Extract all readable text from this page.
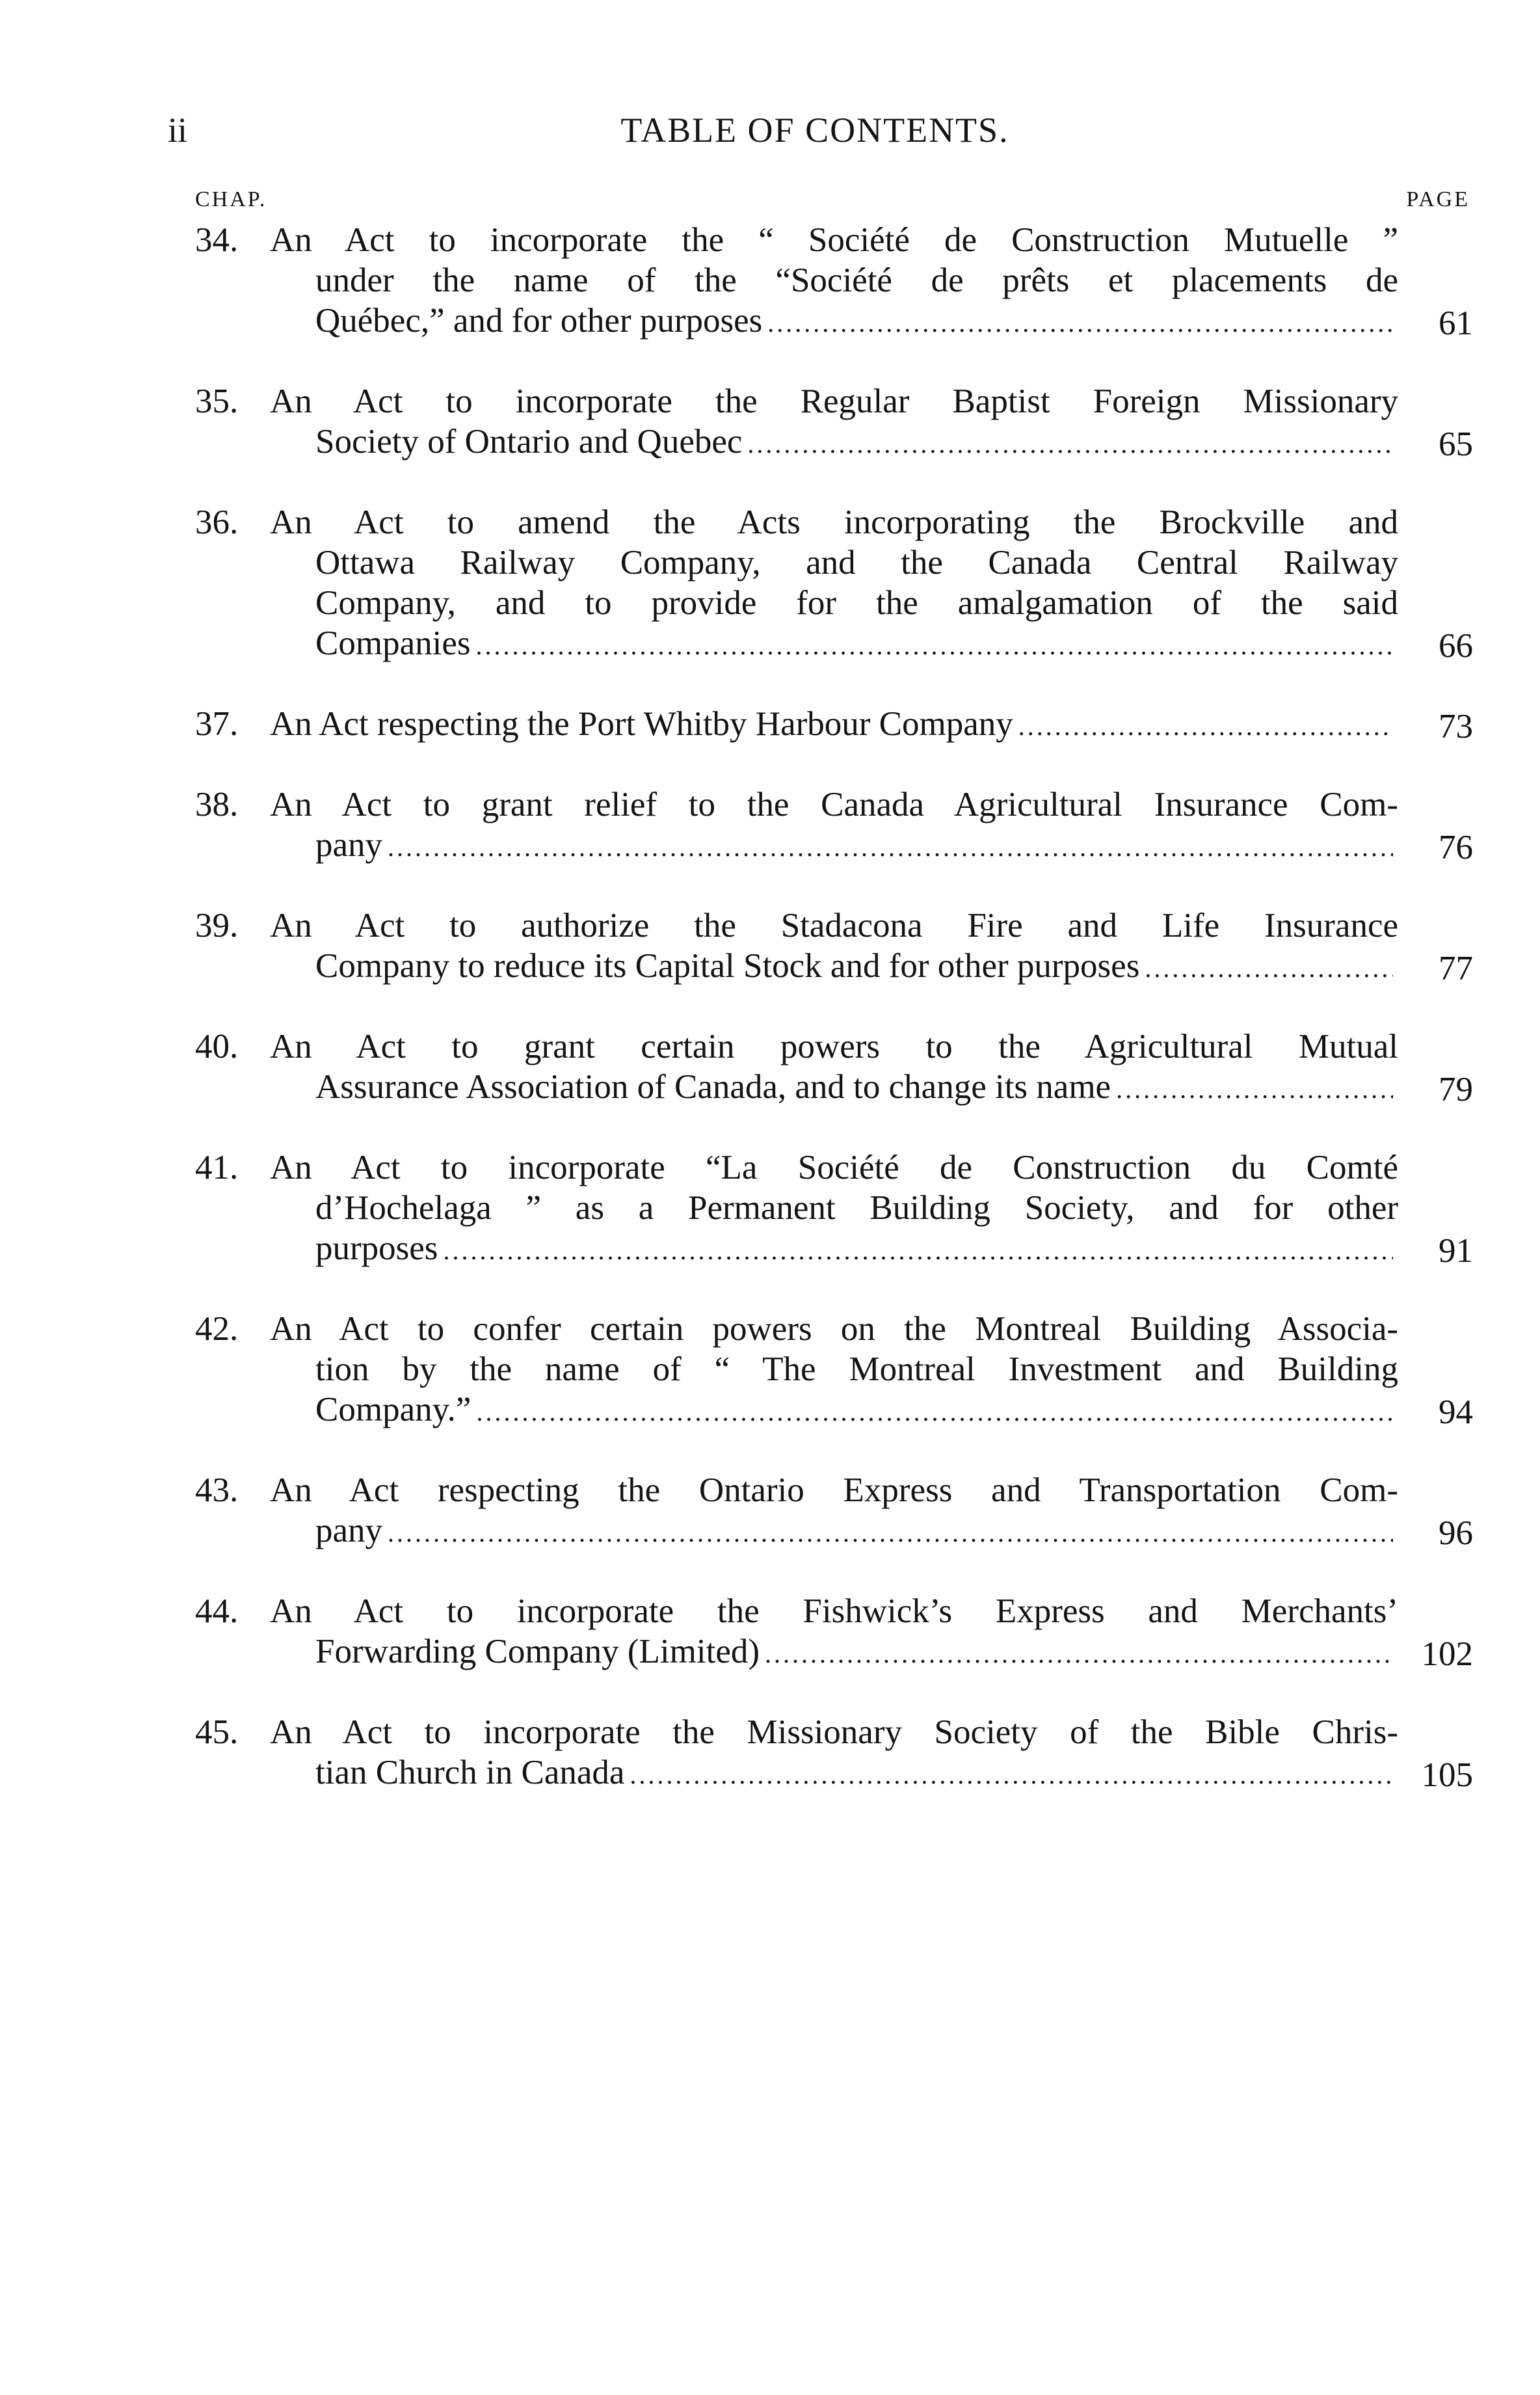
ii	TABLE OF CONTENTS.
CHAP.	PAGE
34. An Act to incorporate the “ Société de Construction Mutuelle ”
under the name of the “Société de prêts et placements de
Québec,” and for other purposes .....	61
35. An Act to incorporate the Regular Baptist Foreign Missionary
Society of Ontario and Quebec .....	65
36. An Act to amend the Acts incorporating the Brockville and
Ottawa Railway Company, and the Canada Central Railway
Company, and to provide for the amalgamation of the said
Companies .....	66
37. An Act respecting the Port Whitby Harbour Company .....	73
38. An Act to grant relief to the Canada Agricultural Insurance Com-
pany .....	76
39. An Act to authorize the Stadacona Fire and Life Insurance
Company to reduce its Capital Stock and for other purposes .....	77
40. An Act to grant certain powers to the Agricultural Mutual
Assurance Association of Canada, and to change its name .....	79
41. An Act to incorporate “La Société de Construction du Comté
d’Hochelaga ” as a Permanent Building Society, and for other
purposes .....	91
42. An Act to confer certain powers on the Montreal Building Associa-
tion by the name of “ The Montreal Investment and Building
Company.” .....	94
43. An Act respecting the Ontario Express and Transportation Com-
pany .....	96
44. An Act to incorporate the Fishwick’s Express and Merchants’
Forwarding Company (Limited) .....	102
45. An Act to incorporate the Missionary Society of the Bible Chris-
tian Church in Canada .....	105
